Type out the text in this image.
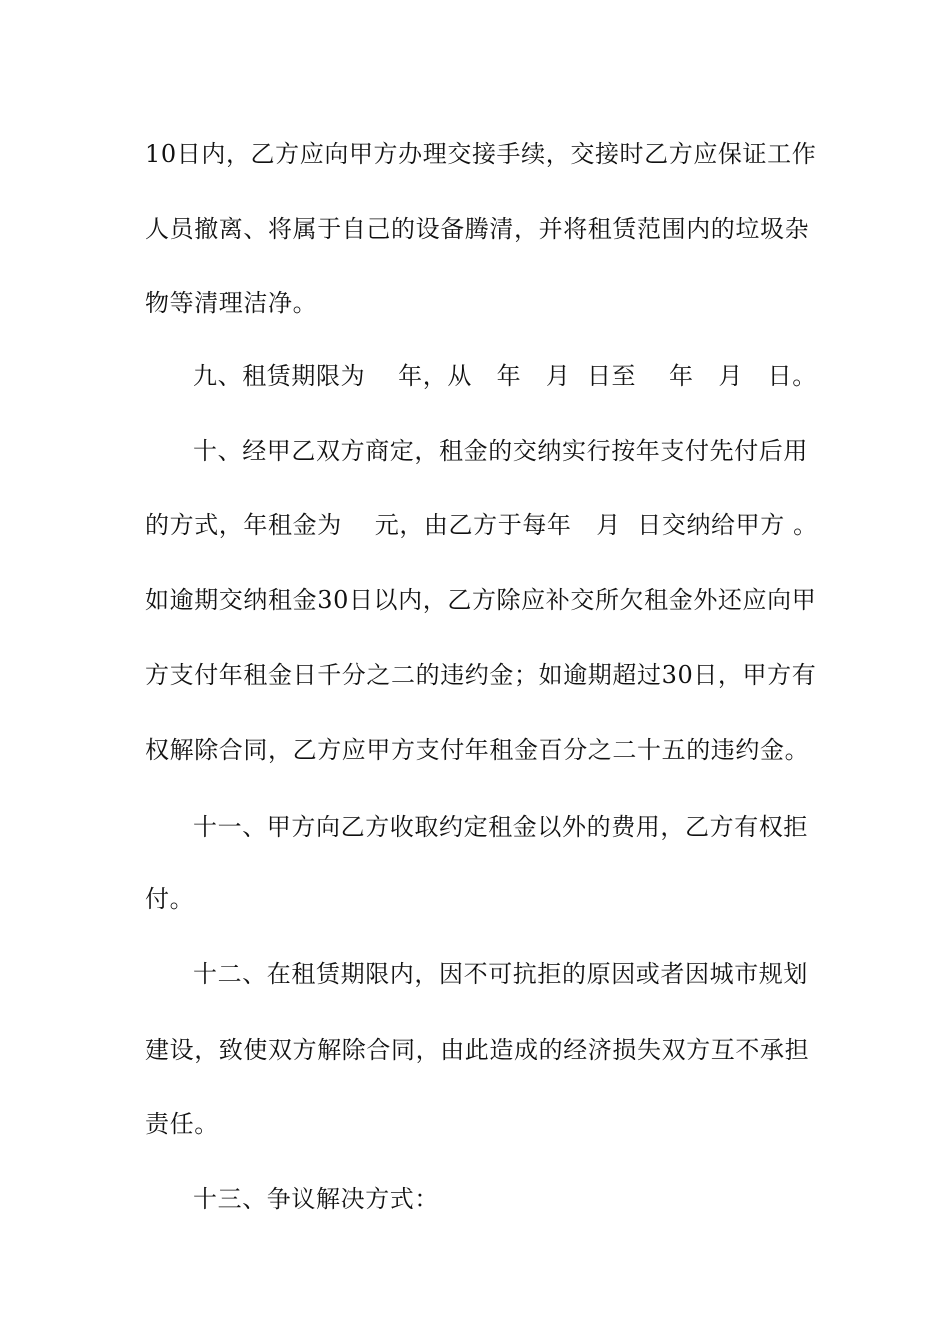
10日内，乙方应向甲方办理交接手续，交接时乙方应保证工作
人员撤离、将属于自己的设备腾清，并将租赁范围内的垃圾杂
物等清理洁净。
九、租赁期限为    年，从   年   月  日至    年   月   日。
十、经甲乙双方商定，租金的交纳实行按年支付先付后用
的方式，年租金为    元，由乙方于每年   月  日交纳给甲方 。
如逾期交纳租金30日以内，乙方除应补交所欠租金外还应向甲
方支付年租金日千分之二的违约金；如逾期超过30日，甲方有
权解除合同，乙方应甲方支付年租金百分之二十五的违约金。
十一、甲方向乙方收取约定租金以外的费用，乙方有权拒
付。
十二、在租赁期限内，因不可抗拒的原因或者因城市规划
建设，致使双方解除合同，由此造成的经济损失双方互不承担
责任。
十三、争议解决方式：
